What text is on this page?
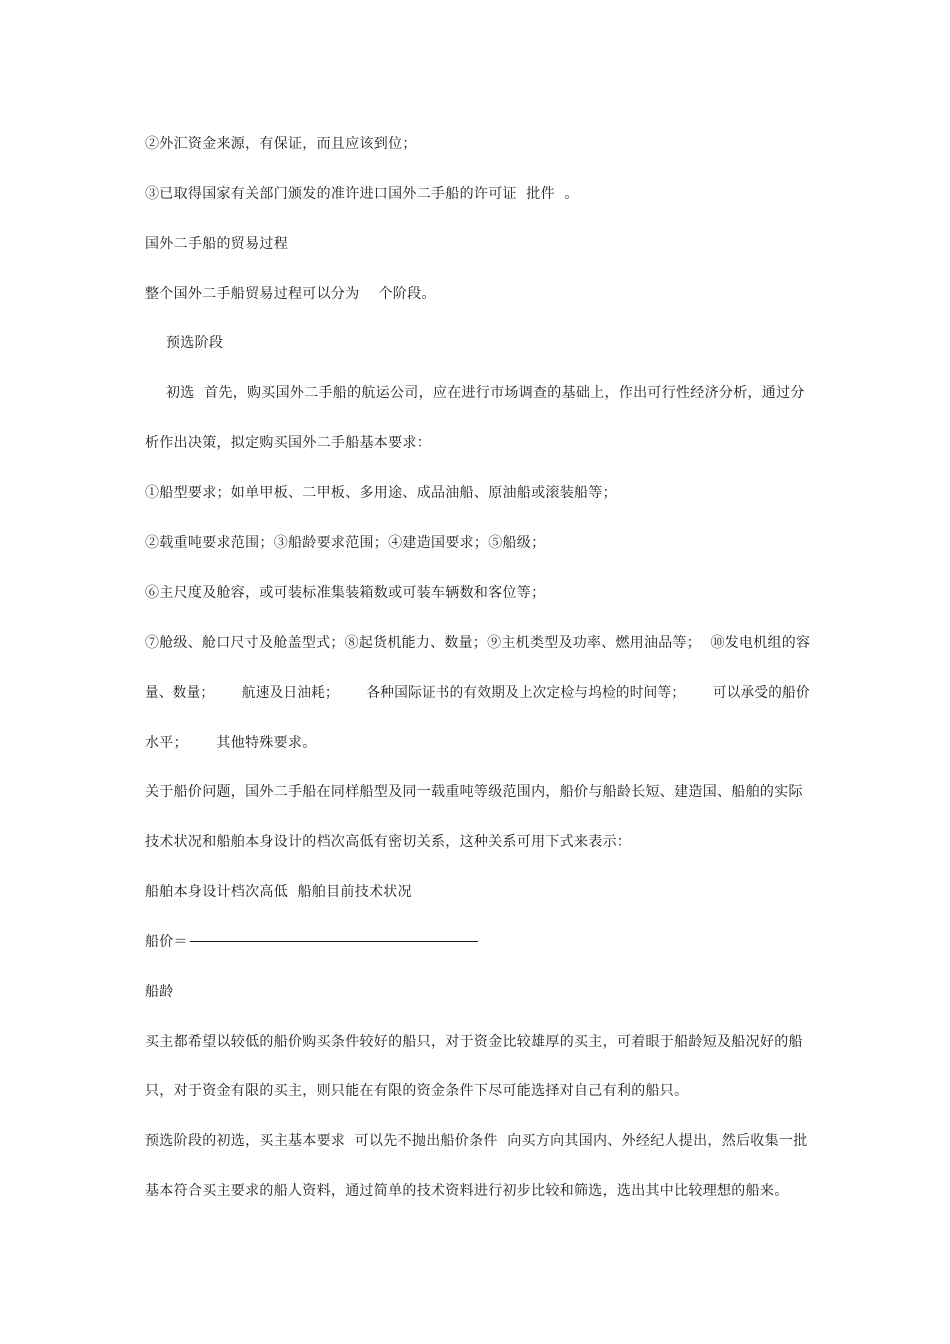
②外汇资金来源，有保证，而且应该到位；
③已取得国家有关部门颁发的准许进口国外二手船的许可证  批件  。
国外二手船的贸易过程
整个国外二手船贸易过程可以分为    个阶段。
预选阶段
初选  首先，购买国外二手船的航运公司，应在进行市场调查的基础上，作出可行性经济分析，通过分
析作出决策，拟定购买国外二手船基本要求：
①船型要求；如单甲板、二甲板、多用途、成品油船、原油船或滚装船等；
②载重吨要求范围；③船龄要求范围；④建造国要求；⑤船级；
⑥主尺度及舱容，或可装标准集装箱数或可装车辆数和客位等；
⑦舱级、舱口尺寸及舱盖型式；⑧起货机能力、数量；⑨主机类型及功率、燃用油品等；  ⑩发电机组的容
量、数量；      航速及日油耗；      各种国际证书的有效期及上次定检与坞检的时间等；      可以承受的船价
水平；      其他特殊要求。
关于船价问题，国外二手船在同样船型及同一载重吨等级范围内，船价与船龄长短、建造国、船舶的实际
技术状况和船舶本身设计的档次高低有密切关系，这种关系可用下式来表示：
船舶本身设计档次高低  船舶目前技术状况
船价＝
船龄
买主都希望以较低的船价购买条件较好的船只，对于资金比较雄厚的买主，可着眼于船龄短及船况好的船
只，对于资金有限的买主，则只能在有限的资金条件下尽可能选择对自己有利的船只。
预选阶段的初选，买主基本要求  可以先不抛出船价条件  向买方向其国内、外经纪人提出，然后收集一批
基本符合买主要求的船人资料，通过简单的技术资料进行初步比较和筛选，选出其中比较理想的船来。
